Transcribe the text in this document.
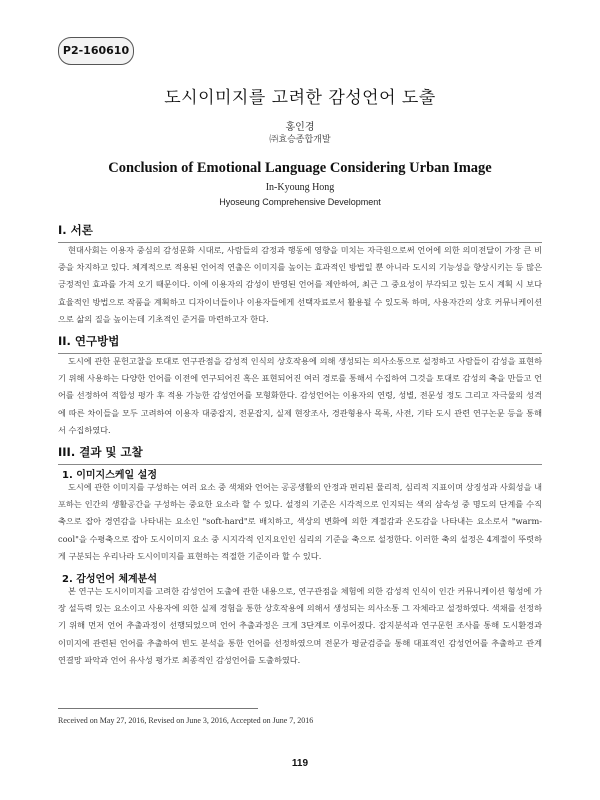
P2-160610
도시이미지를 고려한 감성언어 도출
홍인경
㈜효승종합개발
Conclusion of Emotional Language Considering Urban Image
In-Kyoung Hong
Hyoseung Comprehensive Development
I. 서론

현대사회는 이용자 중심의 감성문화 시대로, 사람들의 감정과 행동에 영향을 미치는 자극원으로써 언어에 의한 의미전달이 가장 큰 비중을 차지하고 있다. 체계적으로 적용된 언어적 연출은 이미지를 높이는 효과적인 방법일 뿐 아니라 도시의 기능성을 향상시키는 등 많은 긍정적인 효과를 가져 오기 때문이다. 이에 이용자의 감성이 반영된 언어를 제안하여, 최근 그 중요성이 부각되고 있는 도시 계획 시 보다 효율적인 방법으로 작품을 계획하고 디자이너들이나 이용자들에게 선택자료로서 활용될 수 있도록 하며, 사용자간의 상호 커뮤니케이션으로 삶의 질을 높이는데 기초적인 준거를 마련하고자 한다.

II. 연구방법

도시에 관한 문헌고찰을 토대로 연구관점을 감성적 인식의 상호작용에 의해 생성되는 의사소통으로 설정하고 사람들이 감성을 표현하기 위해 사용하는 다양한 언어를 이전에 연구되어진 혹은 표현되어진 여러 경로를 통해서 수집하여 그것을 토대로 감성의 축을 만들고 언어를 선정하여 적합성 평가 후 적용 가능한 감성언어를 모형화한다. 감성언어는 이용자의 연령, 성별, 전문성 정도 그리고 자극물의 성격에 따른 차이들을 모두 고려하여 이용자 대중잡지, 전문잡지, 실제 현장조사, 경관형용사 목록, 사전, 기타 도시 관련 연구논문 등을 통해서 수집하였다.

III. 결과 및 고찰
1. 이미지스케일 설정

도시에 관한 이미지를 구성하는 여러 요소 중 색채와 언어는 공공생활의 안정과 편리된 물리적, 심리적 지표이며 상징성과 사회성을 내포하는 인간의 생활공간을 구성하는 중요한 요소라 할 수 있다. 설정의 기준은 시각적으로 인지되는 색의 삼속성 중 명도의 단계를 수직축으로 잡아 경연감을 나타내는 요소인 "soft-hard"로 배치하고, 색상의 변화에 의한 계절감과 온도감을 나타내는 요소로서 "warm-cool"을 수평축으로 잡아 도시이미지 요소 중 시지각적 인지요인인 심리의 기준을 축으로 설정한다. 이러한 축의 설정은 4계절이 뚜렷하게 구분되는 우리나라 도시이미지를 표현하는 적절한 기준이라 할 수 있다.

2. 감성언어 체계분석

본 연구는 도시이미지를 고려한 감성언어 도출에 관한 내용으로, 연구관점을 체험에 의한 감성적 인식이 인간 커뮤니케이션 형성에 가장 설득력 있는 요소이고 사용자에 의한 실제 경험을 통한 상호작용에 의해서 생성되는 의사소통 그 자체라고 설정하였다. 색채를 선정하기 위해 먼저 언어 추출과정이 선행되었으며 언어 추출과정은 크게 3단계로 이루어졌다. 잡지분석과 연구문헌 조사를 통해 도시환경과 이미지에 관련된 언어를 추출하여 빈도 분석을 통한 언어를 선정하였으며 전문가 평균검증을 통해 대표적인 감성언어를 추출하고 관계 연결망 파악과 언어 유사성 평가로 최종적인 감성언어를 도출하였다.

Received on May 27, 2016, Revised on June 3, 2016, Accepted on June 7, 2016
119
